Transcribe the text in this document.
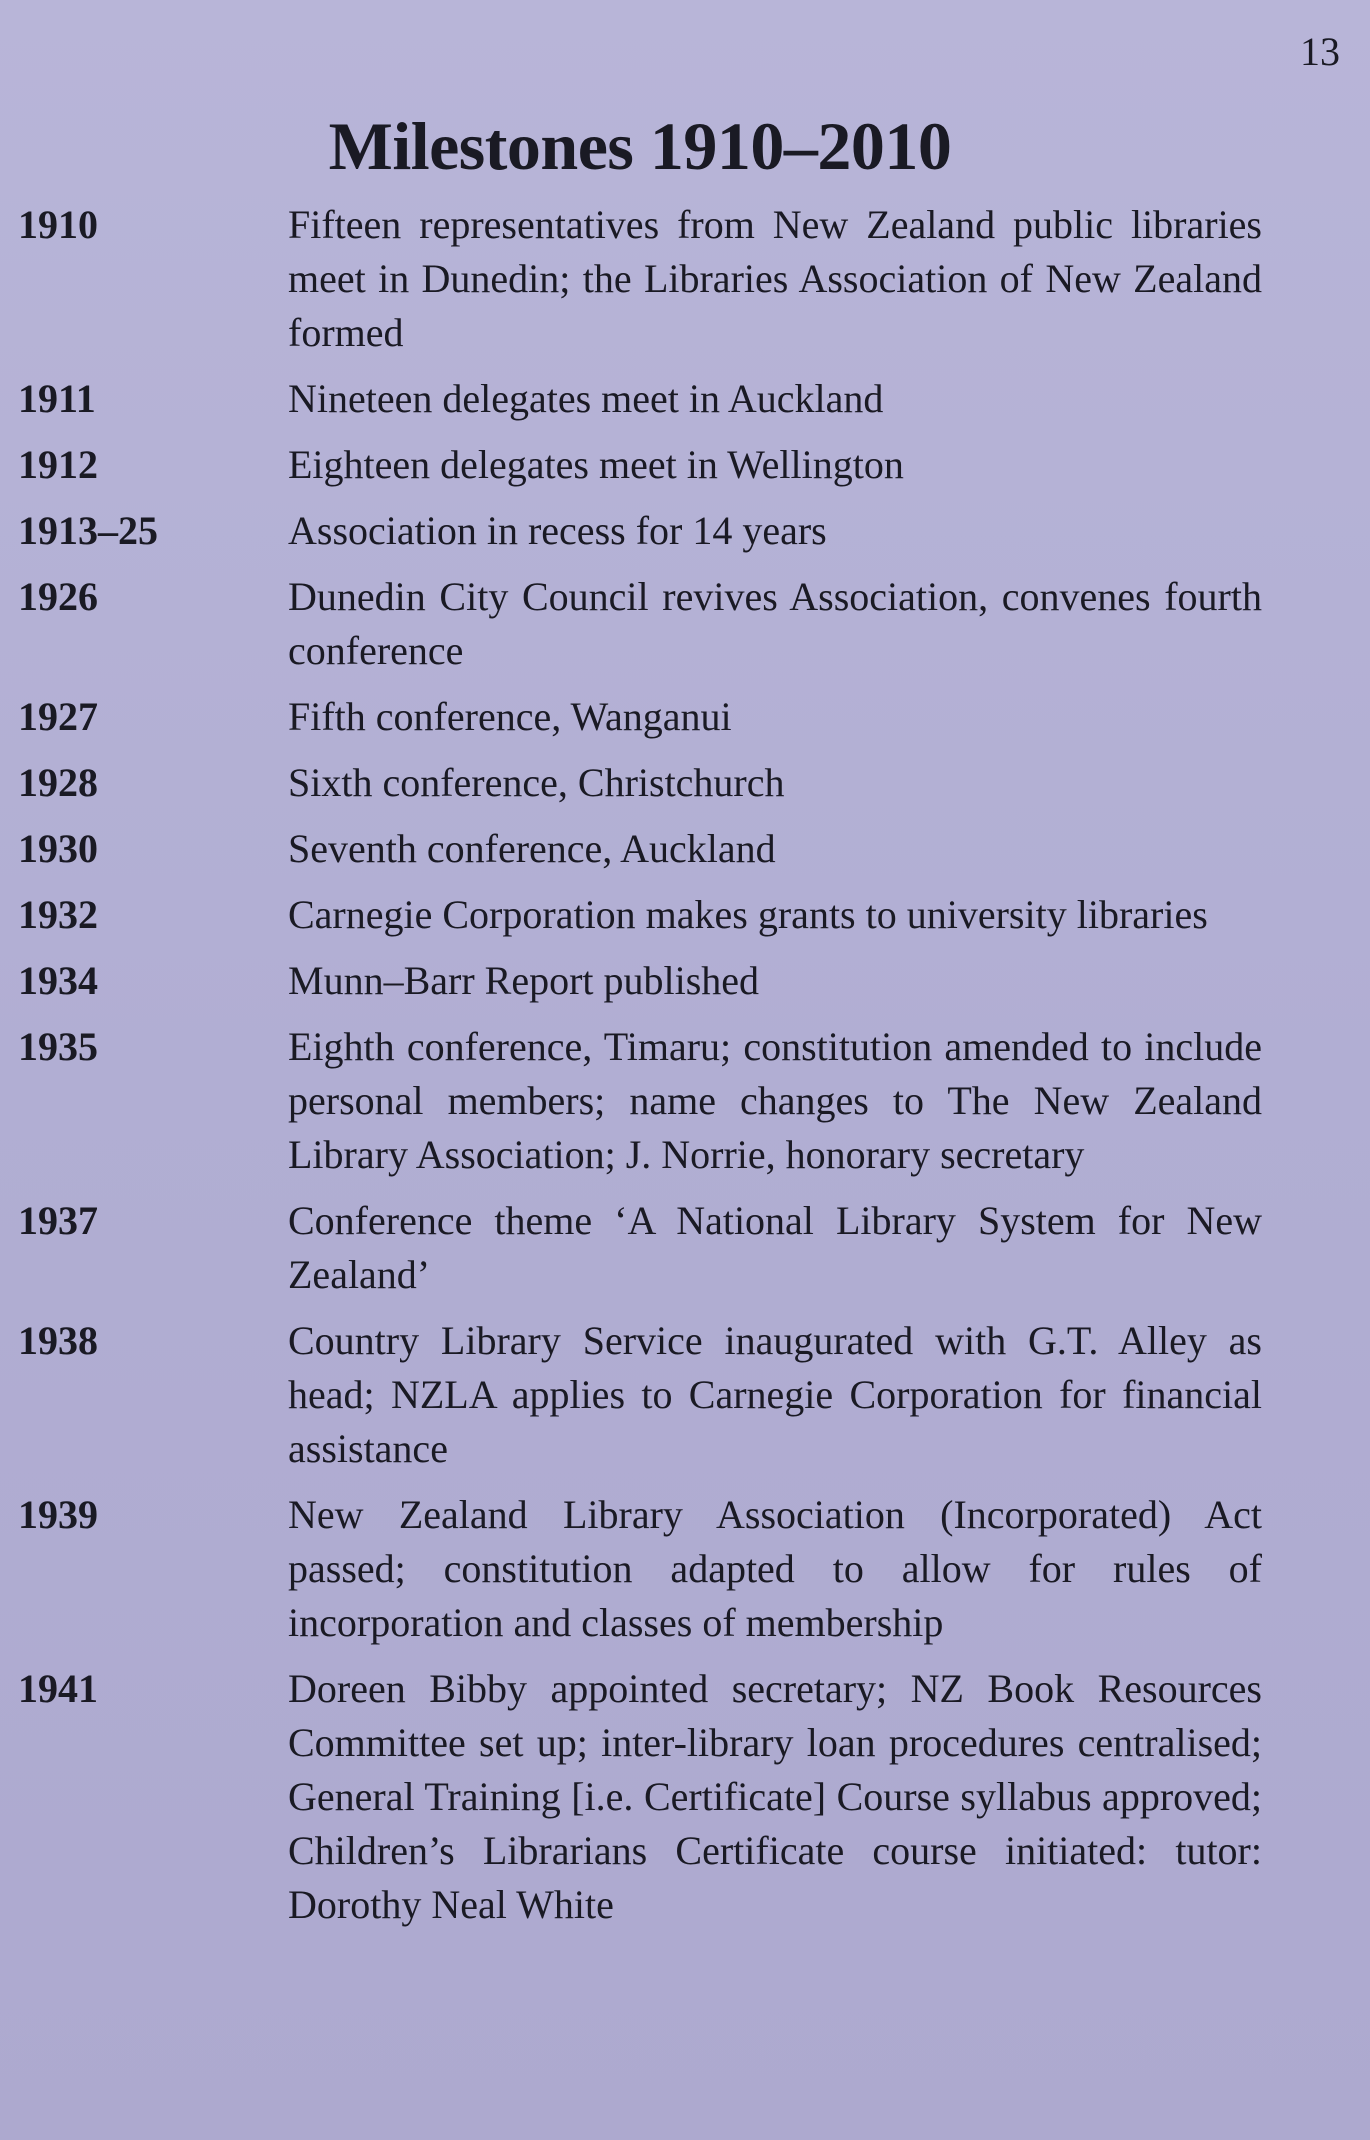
13
Milestones 1910–2010
1910	Fifteen representatives from New Zealand public libraries meet in Dunedin; the Libraries Association of New Zealand formed
1911	Nineteen delegates meet in Auckland
1912	Eighteen delegates meet in Wellington
1913–25	Association in recess for 14 years
1926	Dunedin City Council revives Association, convenes fourth conference
1927	Fifth conference, Wanganui
1928	Sixth conference, Christchurch
1930	Seventh conference, Auckland
1932	Carnegie Corporation makes grants to university libraries
1934	Munn–Barr Report published
1935	Eighth conference, Timaru; constitution amended to include personal members; name changes to The New Zealand Library Association; J. Norrie, honorary secretary
1937	Conference theme ‘A National Library System for New Zealand’
1938	Country Library Service inaugurated with G.T. Alley as head; NZLA applies to Carnegie Corporation for financial assistance
1939	New Zealand Library Association (Incorporated) Act passed; constitution adapted to allow for rules of incorporation and classes of membership
1941	Doreen Bibby appointed secretary; NZ Book Resources Committee set up; inter-library loan procedures centralised; General Training [i.e. Certificate] Course syllabus approved; Children’s Librarians Certificate course initiated: tutor: Dorothy Neal White
